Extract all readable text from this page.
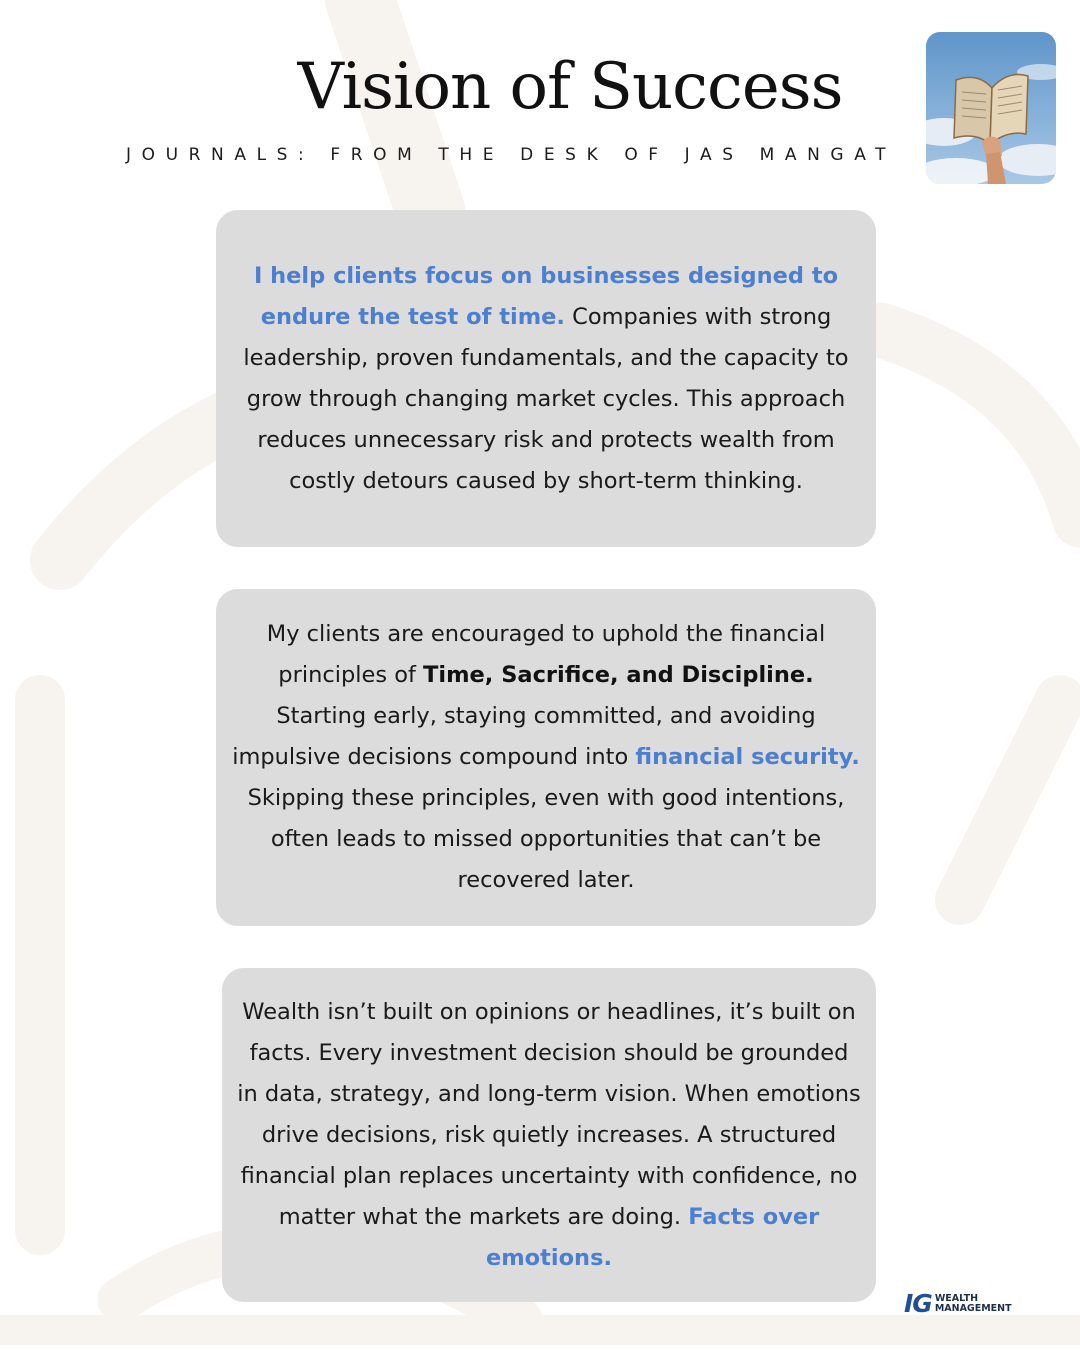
Vision of Success
JOURNALS: FROM THE DESK OF JAS MANGAT

I help clients focus on businesses designed to endure the test of time. Companies with strong leadership, proven fundamentals, and the capacity to grow through changing market cycles. This approach reduces unnecessary risk and protects wealth from costly detours caused by short-term thinking.

My clients are encouraged to uphold the financial principles of Time, Sacrifice, and Discipline. Starting early, staying committed, and avoiding impulsive decisions compound into financial security. Skipping these principles, even with good intentions, often leads to missed opportunities that can’t be recovered later.

Wealth isn’t built on opinions or headlines, it’s built on facts. Every investment decision should be grounded in data, strategy, and long-term vision. When emotions drive decisions, risk quietly increases. A structured financial plan replaces uncertainty with confidence, no matter what the markets are doing. Facts over emotions.

IG WEALTH
MANAGEMENT
